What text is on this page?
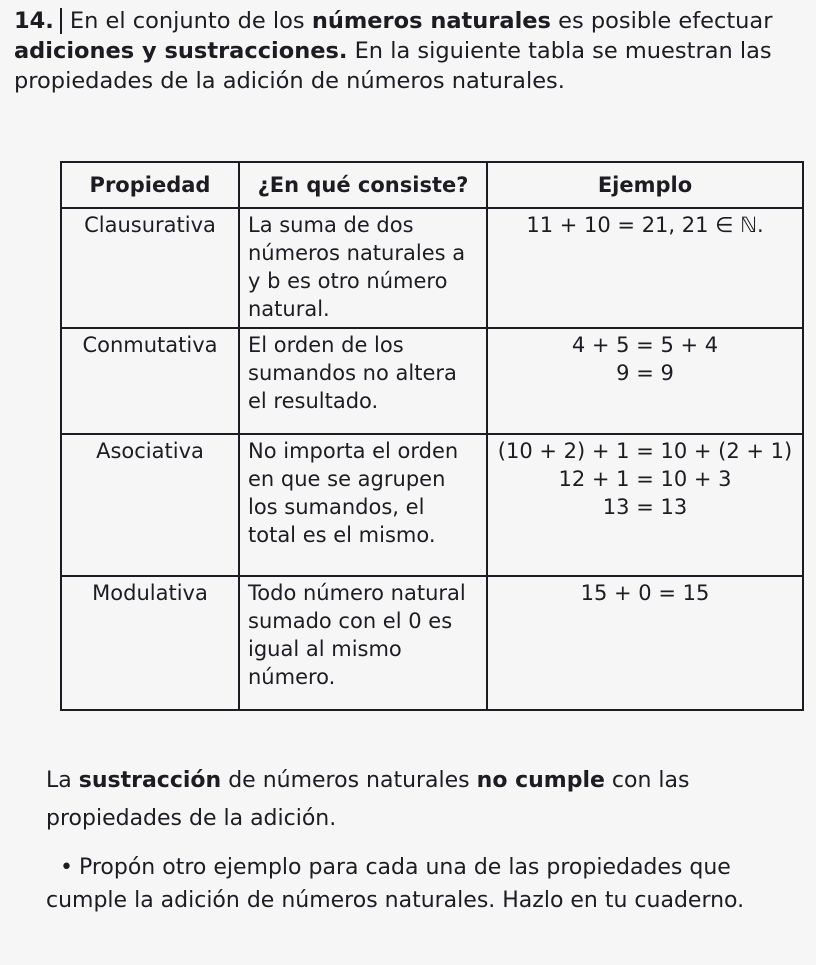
14. En el conjunto de los números naturales es posible efectuar adiciones y sustracciones. En la siguiente tabla se muestran las propiedades de la adición de números naturales.
Propiedad	¿En qué consiste?	Ejemplo
Clausurativa	La suma de dos números naturales a y b es otro número natural.	11 + 10 = 21, 21 ∈ ℕ.

Conmutativa	El orden de los sumandos no altera el resultado.	4 + 5 = 5 + 4
9 = 9

Asociativa	No importa el orden en que se agrupen los sumandos, el total es el mismo.	(10 + 2) + 1 = 10 + (2 + 1)
12 + 1 = 10 + 3
13 = 13

Modulativa	Todo número natural sumado con el 0 es igual al mismo número.	15 + 0 = 15
La sustracción de números naturales no cumple con las propiedades de la adición.
• Propón otro ejemplo para cada una de las propiedades que cumple la adición de números naturales. Hazlo en tu cuaderno.
